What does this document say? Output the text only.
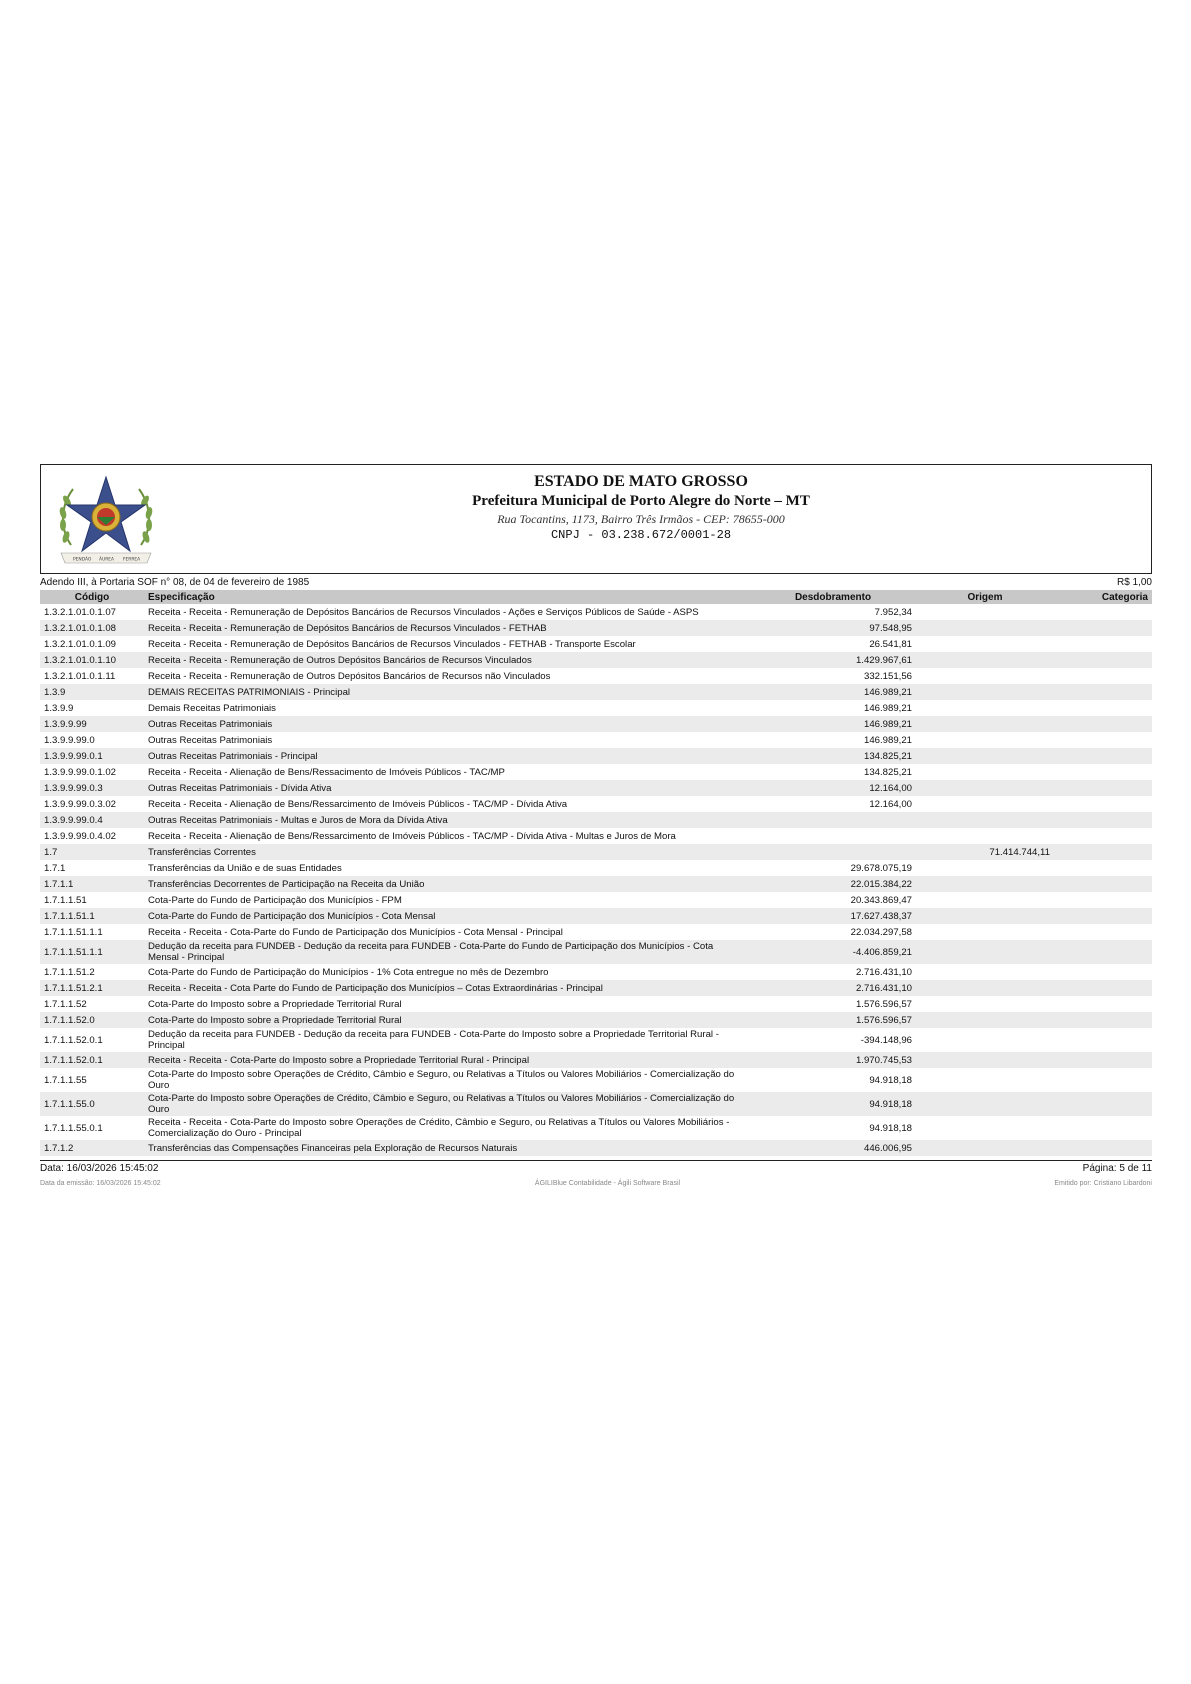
PENDÃO ÁUREA FERREA
ESTADO DE MATO GROSSO
Prefeitura Municipal de Porto Alegre do Norte – MT
Rua Tocantins, 1173, Bairro Três Irmãos - CEP: 78655-000
CNPJ - 03.238.672/0001-28
Adendo III, à Portaria SOF n° 08, de 04 de fevereiro de 1985	R$ 1,00
Código	Especificação	Desdobramento	Origem	Categoria
1.3.2.1.01.0.1.07	Receita - Receita - Remuneração de Depósitos Bancários de Recursos Vinculados - Ações e Serviços Públicos de Saúde - ASPS	7.952,34		
1.3.2.1.01.0.1.08	Receita - Receita - Remuneração de Depósitos Bancários de Recursos Vinculados - FETHAB	97.548,95		
1.3.2.1.01.0.1.09	Receita - Receita - Remuneração de Depósitos Bancários de Recursos Vinculados - FETHAB - Transporte Escolar	26.541,81		
1.3.2.1.01.0.1.10	Receita - Receita - Remuneração de Outros Depósitos Bancários de Recursos Vinculados	1.429.967,61		
1.3.2.1.01.0.1.11	Receita - Receita - Remuneração de Outros Depósitos Bancários de Recursos não Vinculados	332.151,56		
1.3.9	DEMAIS RECEITAS PATRIMONIAIS - Principal	146.989,21		
1.3.9.9	Demais Receitas Patrimoniais	146.989,21		
1.3.9.9.99	Outras Receitas Patrimoniais	146.989,21		
1.3.9.9.99.0	Outras Receitas Patrimoniais	146.989,21		
1.3.9.9.99.0.1	Outras Receitas Patrimoniais - Principal	134.825,21		
1.3.9.9.99.0.1.02	Receita - Receita - Alienação de Bens/Ressacimento de Imóveis Públicos - TAC/MP	134.825,21		
1.3.9.9.99.0.3	Outras Receitas Patrimoniais - Dívida Ativa	12.164,00		
1.3.9.9.99.0.3.02	Receita - Receita - Alienação de Bens/Ressarcimento de Imóveis Públicos - TAC/MP - Dívida Ativa	12.164,00		
1.3.9.9.99.0.4	Outras Receitas Patrimoniais - Multas e Juros de Mora da Dívida Ativa			
1.3.9.9.99.0.4.02	Receita - Receita - Alienação de Bens/Ressarcimento de Imóveis Públicos - TAC/MP - Dívida Ativa - Multas e Juros de Mora			
1.7	Transferências Correntes		71.414.744,11	
1.7.1	Transferências da União e de suas Entidades	29.678.075,19		
1.7.1.1	Transferências Decorrentes de Participação na Receita da União	22.015.384,22		
1.7.1.1.51	Cota-Parte do Fundo de Participação dos Municípios - FPM	20.343.869,47		
1.7.1.1.51.1	Cota-Parte do Fundo de Participação dos Municípios - Cota Mensal	17.627.438,37		
1.7.1.1.51.1.1	Receita - Receita - Cota-Parte do Fundo de Participação dos Municípios - Cota Mensal - Principal	22.034.297,58		
1.7.1.1.51.1.1	Dedução da receita para FUNDEB - Dedução da receita para FUNDEB - Cota-Parte do Fundo de Participação dos Municípios - Cota Mensal - Principal	-4.406.859,21		
1.7.1.1.51.2	Cota-Parte do Fundo de Participação do Municípios - 1% Cota entregue no mês de Dezembro	2.716.431,10		
1.7.1.1.51.2.1	Receita - Receita - Cota Parte do Fundo de Participação dos Municípios – Cotas Extraordinárias - Principal	2.716.431,10		
1.7.1.1.52	Cota-Parte do Imposto sobre a Propriedade Territorial Rural	1.576.596,57		
1.7.1.1.52.0	Cota-Parte do Imposto sobre a Propriedade Territorial Rural	1.576.596,57		
1.7.1.1.52.0.1	Dedução da receita para FUNDEB - Dedução da receita para FUNDEB - Cota-Parte do Imposto sobre a Propriedade Territorial Rural - Principal	-394.148,96		
1.7.1.1.52.0.1	Receita - Receita - Cota-Parte do Imposto sobre a Propriedade Territorial Rural - Principal	1.970.745,53		
1.7.1.1.55	Cota-Parte do Imposto sobre Operações de Crédito, Câmbio e Seguro, ou Relativas a Títulos ou Valores Mobiliários - Comercialização do Ouro	94.918,18		
1.7.1.1.55.0	Cota-Parte do Imposto sobre Operações de Crédito, Câmbio e Seguro, ou Relativas a Títulos ou Valores Mobiliários - Comercialização do Ouro	94.918,18		
1.7.1.1.55.0.1	Receita - Receita - Cota-Parte do Imposto sobre Operações de Crédito, Câmbio e Seguro, ou Relativas a Títulos ou Valores Mobiliários - Comercialização do Ouro - Principal	94.918,18		
1.7.1.2	Transferências das Compensações Financeiras pela Exploração de Recursos Naturais	446.006,95		
Data: 16/03/2026 15:45:02	Página: 5 de 11
Data da emissão: 16/03/2026 15:45:02	ÁGILIBlue Contabilidade - Ágili Software Brasil	Emitido por: Cristiano Libardoni
